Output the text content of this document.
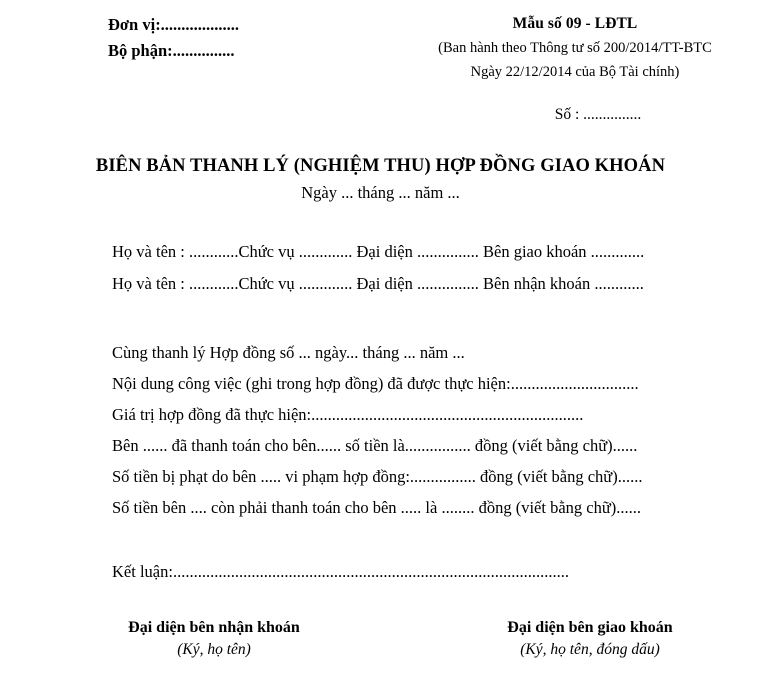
Đơn vị:...................
Bộ phận:...............
Mẫu số 09 - LĐTL
(Ban hành theo Thông tư số 200/2014/TT-BTC
Ngày 22/12/2014 của Bộ Tài chính)
Số : ...............
BIÊN BẢN THANH LÝ (NGHIỆM THU) HỢP ĐỒNG GIAO KHOÁN
Ngày ... tháng ... năm ...
Họ và tên : ............Chức vụ ............. Đại diện ............... Bên giao khoán .............
Họ và tên : ............Chức vụ ............. Đại diện ............... Bên nhận khoán ............
Cùng thanh lý Hợp đồng số ... ngày... tháng ... năm ...
Nội dung công việc (ghi trong hợp đồng) đã được thực hiện:...............................
Giá trị hợp đồng đã thực hiện:..................................................................
Bên ...... đã thanh toán cho bên...... số tiền là................ đồng (viết bằng chữ)......
Số tiền bị phạt do bên ..... vi phạm hợp đồng:................ đồng (viết bằng chữ)......
Số tiền bên .... còn phải thanh toán cho bên ..... là ........ đồng (viết bằng chữ)......
Kết luận:................................................................................................
Đại diện bên nhận khoán
(Ký, họ tên)
Đại diện bên giao khoán
(Ký, họ tên, đóng dấu)
